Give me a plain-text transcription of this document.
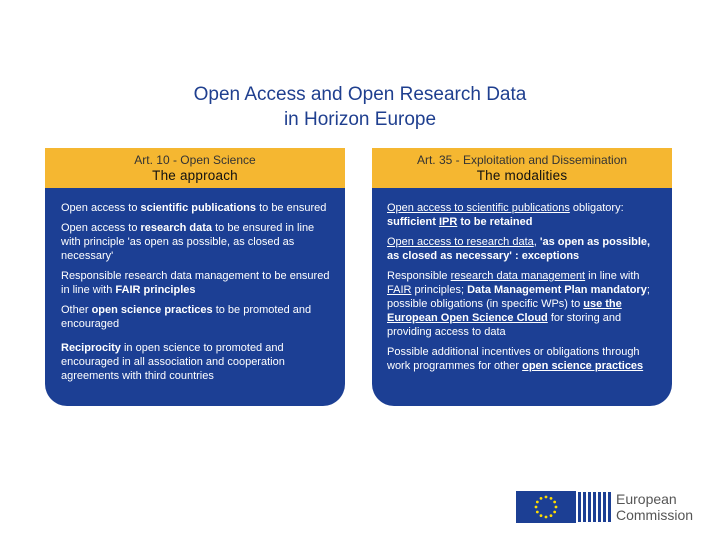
Open Access and Open Research Data
in Horizon Europe
Art. 10 - Open Science
The approach
Open access to scientific publications to be ensured
Open access to research data to be ensured in line with principle 'as open as possible, as closed as necessary'
Responsible research data management to be ensured in line with FAIR principles
Other open science practices to be promoted and encouraged
Reciprocity in open science to promoted and encouraged in all association and cooperation agreements with third countries
Art. 35 - Exploitation and Dissemination
The modalities
Open access to scientific publications obligatory: sufficient IPR to be retained
Open access to research data, 'as open as possible, as closed as necessary' : exceptions
Responsible research data management in line with FAIR principles; Data Management Plan mandatory; possible obligations (in specific WPs) to use the European Open Science Cloud for storing and providing access to data
Possible additional incentives or obligations through work programmes for other open science practices
European
Commission
